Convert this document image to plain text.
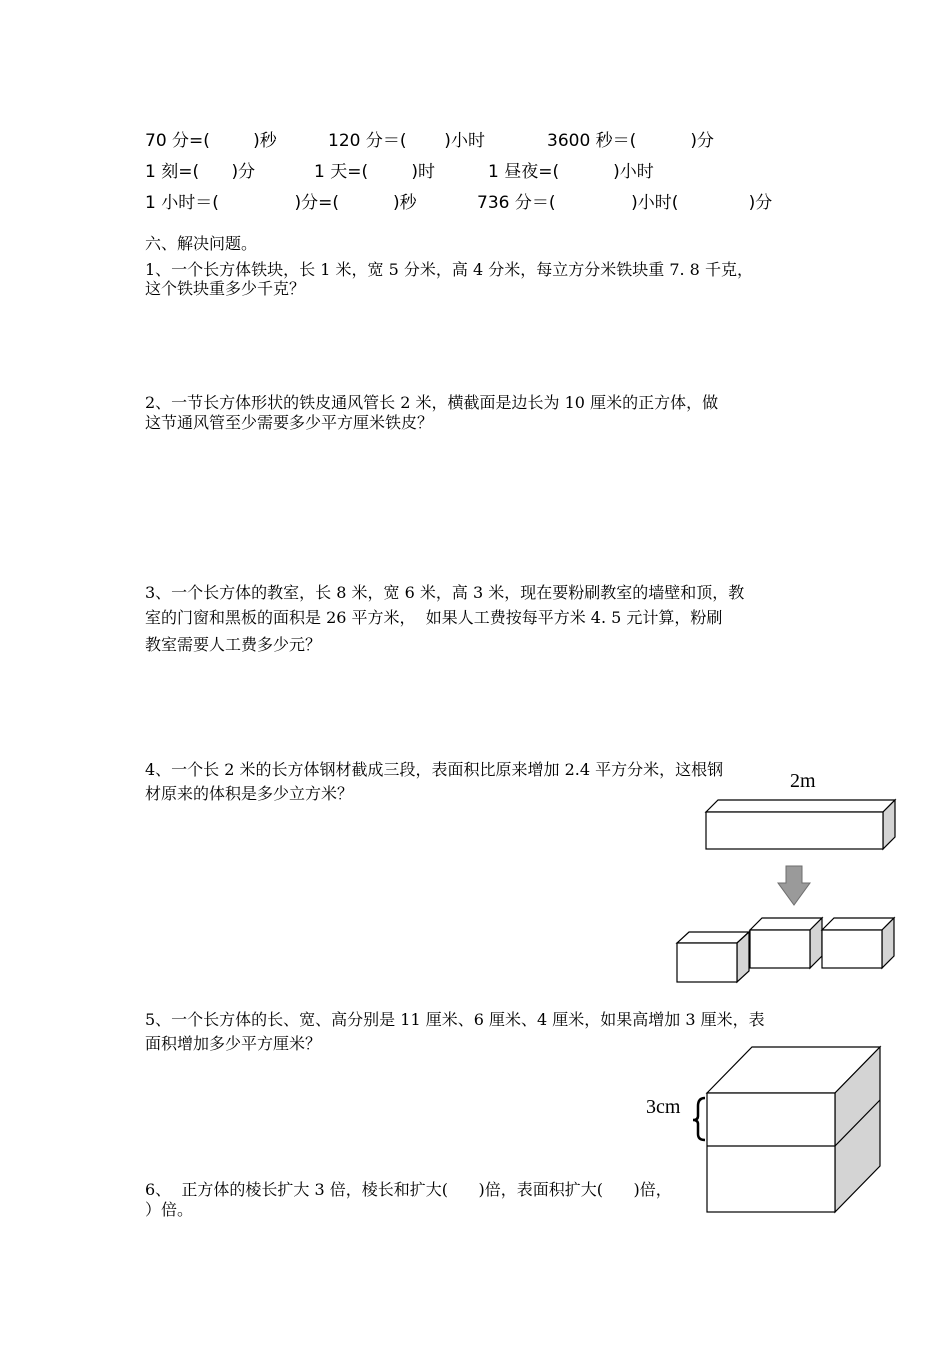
70 分=(        )秒	120 分＝(       )小时	3600 秒＝(          )分
1 刻=(      )分	1 天=(        )时	1 昼夜=(          )小时
1 小时＝(              )分=(          )秒	736 分＝(              )小时(             )分
六、解决问题。
1、一个长方体铁块，长 1 米，宽 5 分米，高 4 分米，每立方分米铁块重 7. 8 千克，
这个铁块重多少千克？
2、一节长方体形状的铁皮通风管长 2 米，横截面是边长为 10 厘米的正方体，做
这节通风管至少需要多少平方厘米铁皮？
3、一个长方体的教室，长 8 米，宽 6 米，高 3 米，现在要粉刷教室的墙壁和顶，教
室的门窗和黑板的面积是 26 平方米，  如果人工费按每平方米 4. 5 元计算，粉刷
教室需要人工费多少元？
4、一个长 2 米的长方体钢材截成三段，表面积比原来增加 2.4 平方分米，这根钢
材原来的体积是多少立方米？
5、一个长方体的长、宽、高分别是 11 厘米、6 厘米、4 厘米，如果高增加 3 厘米，表
面积增加多少平方厘米？
6、  正方体的棱长扩大 3 倍，棱长和扩大(      )倍，表面积扩大(      )倍，
）倍。
2m
3cm
